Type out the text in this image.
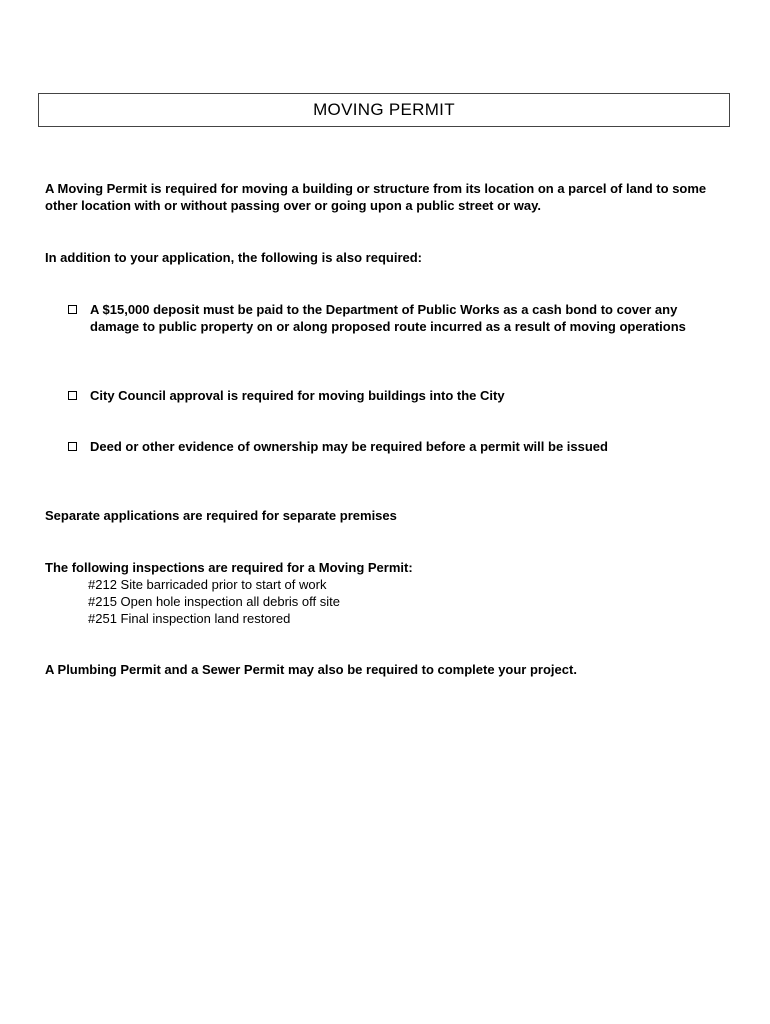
MOVING PERMIT

A Moving Permit is required for moving a building or structure from its location on a parcel of land to some other location with or without passing over or going upon a public street or way.

In addition to your application, the following is also required:

A $15,000 deposit must be paid to the Department of Public Works as a cash bond to cover any damage to public property on or along proposed route incurred as a result of moving operations
City Council approval is required for moving buildings into the City
Deed or other evidence of ownership may be required before a permit will be issued

Separate applications are required for separate premises

The following inspections are required for a Moving Permit:

#212 Site barricaded prior to start of work
#215 Open hole inspection all debris off site
#251 Final inspection land restored

A Plumbing Permit and a Sewer Permit may also be required to complete your project.
